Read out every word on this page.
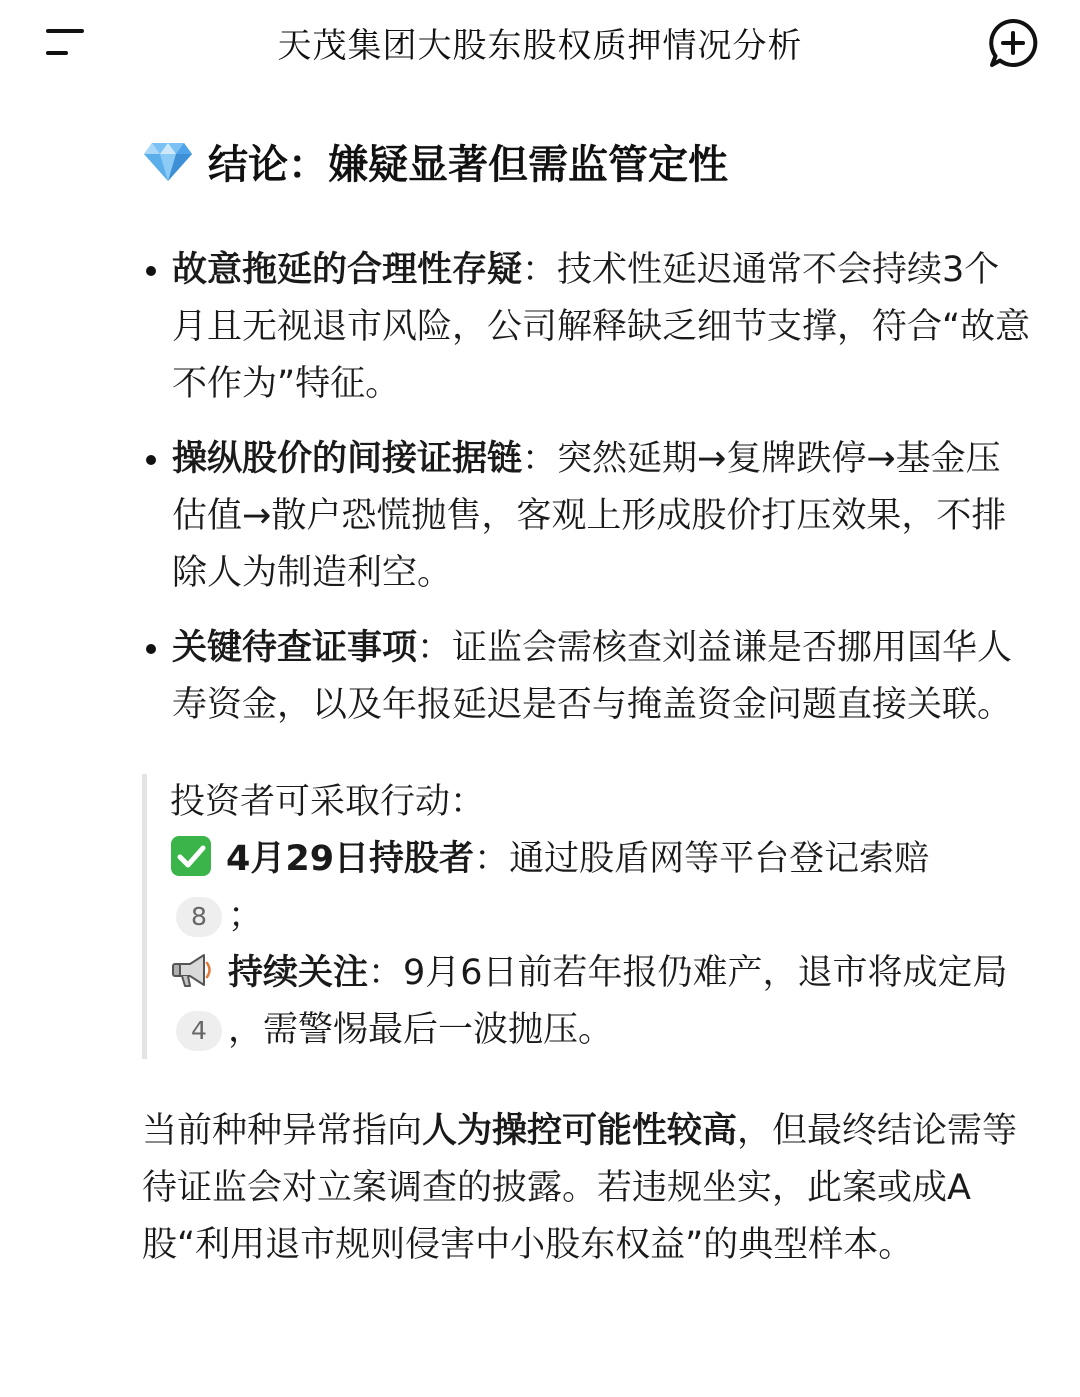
天茂集团大股东股权质押情况分析
结论：嫌疑显著但需监管定性
故意拖延的合理性存疑：技术性延迟通常不会持续3个月且无视退市风险，公司解释缺乏细节支撑，符合“故意不作为”特征。
操纵股价的间接证据链：突然延期→复牌跌停→基金压估值→散户恐慌抛售，客观上形成股价打压效果，不排除人为制造利空。
关键待查证事项：证监会需核查刘益谦是否挪用国华人寿资金，以及年报延迟是否与掩盖资金问题直接关联。
投资者可采取行动：
4月29日持股者：通过股盾网等平台登记索赔
8 ；
持续关注：9月6日前若年报仍难产，退市将成定局4 ，需警惕最后一波抛压。
当前种种异常指向人为操控可能性较高，但最终结论需等待证监会对立案调查的披露。若违规坐实，此案或成A股“利用退市规则侵害中小股东权益”的典型样本。
